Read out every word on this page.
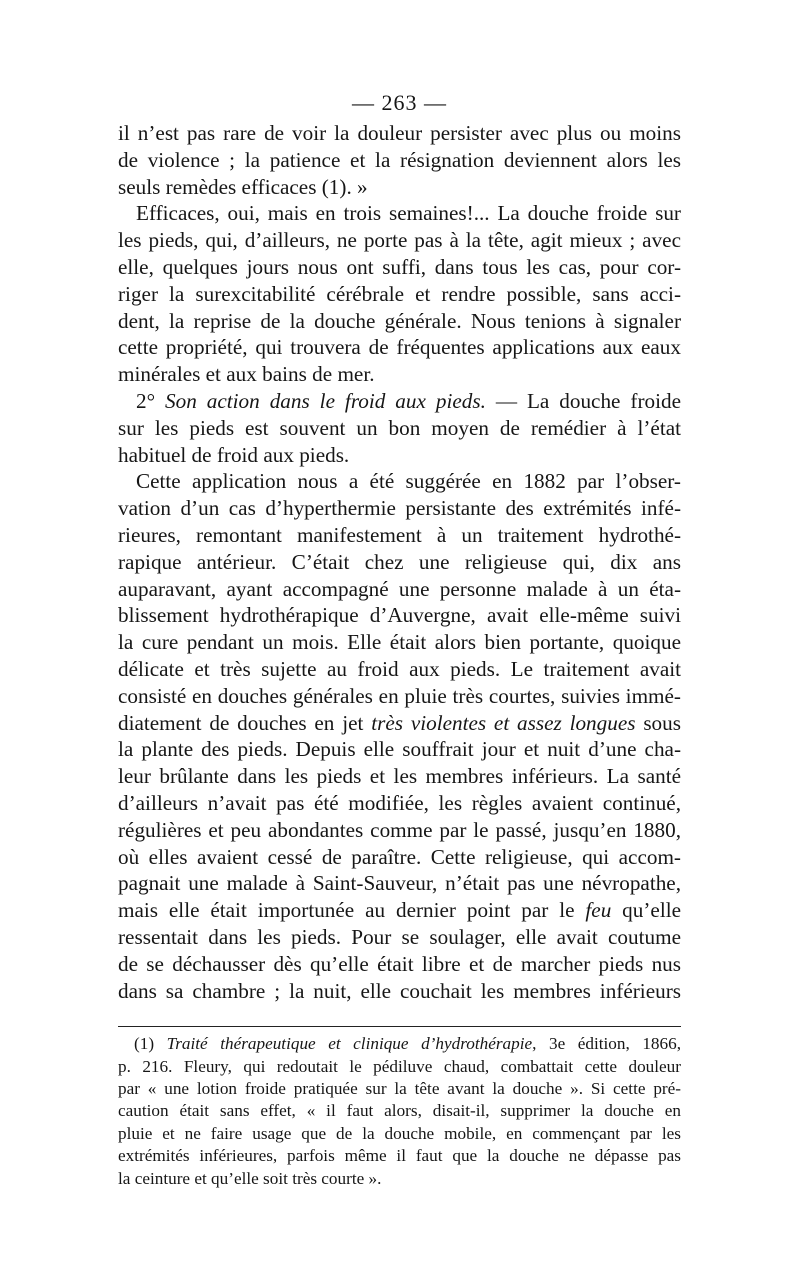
— 263 —
il n’est pas rare de voir la douleur persister avec plus ou moins
de violence ; la patience et la résignation deviennent alors les
seuls remèdes efficaces (1). »
Efficaces, oui, mais en trois semaines!... La douche froide sur
les pieds, qui, d’ailleurs, ne porte pas à la tête, agit mieux ; avec
elle, quelques jours nous ont suffi, dans tous les cas, pour cor-
riger la surexcitabilité cérébrale et rendre possible, sans acci-
dent, la reprise de la douche générale. Nous tenions à signaler
cette propriété, qui trouvera de fréquentes applications aux eaux
minérales et aux bains de mer.
2° Son action dans le froid aux pieds. — La douche froide
sur les pieds est souvent un bon moyen de remédier à l’état
habituel de froid aux pieds.
Cette application nous a été suggérée en 1882 par l’obser-
vation d’un cas d’hyperthermie persistante des extrémités infé-
rieures, remontant manifestement à un traitement hydrothé-
rapique antérieur. C’était chez une religieuse qui, dix ans
auparavant, ayant accompagné une personne malade à un éta-
blissement hydrothérapique d’Auvergne, avait elle-même suivi
la cure pendant un mois. Elle était alors bien portante, quoique
délicate et très sujette au froid aux pieds. Le traitement avait
consisté en douches générales en pluie très courtes, suivies immé-
diatement de douches en jet très violentes et assez longues sous
la plante des pieds. Depuis elle souffrait jour et nuit d’une cha-
leur brûlante dans les pieds et les membres inférieurs. La santé
d’ailleurs n’avait pas été modifiée, les règles avaient continué,
régulières et peu abondantes comme par le passé, jusqu’en 1880,
où elles avaient cessé de paraître. Cette religieuse, qui accom-
pagnait une malade à Saint-Sauveur, n’était pas une névropathe,
mais elle était importunée au dernier point par le feu qu’elle
ressentait dans les pieds. Pour se soulager, elle avait coutume
de se déchausser dès qu’elle était libre et de marcher pieds nus
dans sa chambre ; la nuit, elle couchait les membres inférieurs
(1) Traité thérapeutique et clinique d’hydrothérapie, 3e édition, 1866,
p. 216. Fleury, qui redoutait le pédiluve chaud, combattait cette douleur
par « une lotion froide pratiquée sur la tête avant la douche ». Si cette pré-
caution était sans effet, « il faut alors, disait-il, supprimer la douche en
pluie et ne faire usage que de la douche mobile, en commençant par les
extrémités inférieures, parfois même il faut que la douche ne dépasse pas
la ceinture et qu’elle soit très courte ».
